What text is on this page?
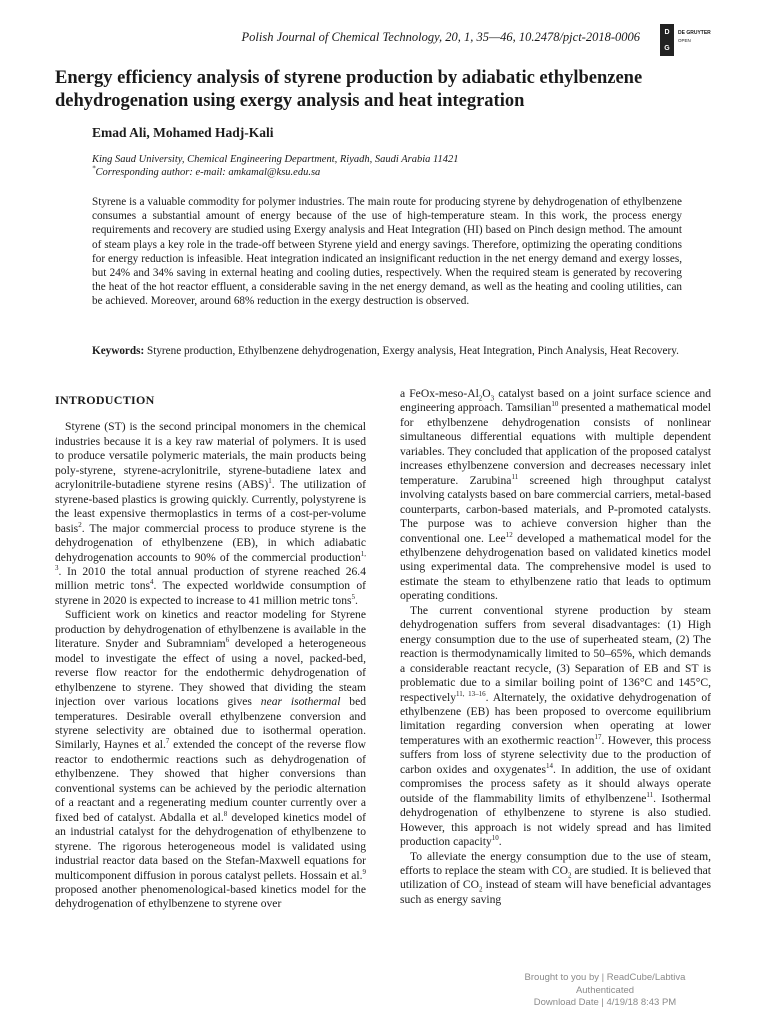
Polish Journal of Chemical Technology, 20, 1, 35—46, 10.2478/pjct-2018-0006	D
G
DE GRUYTER
OPEN
Energy efficiency analysis of styrene production by adiabatic ethylbenzene dehydrogenation using exergy analysis and heat integration
Emad Ali, Mohamed Hadj-Kali
King Saud University, Chemical Engineering Department, Riyadh, Saudi Arabia 11421
*Corresponding author: e-mail: amkamal@ksu.edu.sa

Styrene is a valuable commodity for polymer industries. The main route for producing styrene by dehydrogenation of ethylbenzene consumes a substantial amount of energy because of the use of high-temperature steam. In this work, the process energy requirements and recovery are studied using Exergy analysis and Heat Integration (HI) based on Pinch design method. The amount of steam plays a key role in the trade-off between Styrene yield and energy savings. Therefore, optimizing the operating conditions for energy reduction is infeasible. Heat integration indicated an insignificant reduction in the net energy demand and exergy losses, but 24% and 34% saving in external heating and cooling duties, respectively. When the required steam is generated by recovering the heat of the hot reactor effluent, a considerable saving in the net energy demand, as well as the heating and cooling utilities, can be achieved. Moreover, around 68% reduction in the exergy destruction is observed.

Keywords: Styrene production, Ethylbenzene dehydrogenation, Exergy analysis, Heat Integration, Pinch Analysis, Heat Recovery.

INTRODUCTION

Styrene (ST) is the second principal monomers in the chemical industries because it is a key raw material of polymers. It is used to produce versatile polymeric materials, the main products being poly-styrene, styrene-acrylonitrile, styrene-butadiene latex and acrylonitrile-butadiene styrene resins (ABS)$^1$. The utilization of styrene-based plastics is growing quickly. Currently, polystyrene is the least expensive thermoplastics in terms of a cost-per-volume basis$^2$. The major commercial process to produce styrene is the dehydrogenation of ethylbenzene (EB), in which adiabatic dehydrogenation accounts to 90% of the commercial production$^{1, 3}$. In 2010 the total annual production of styrene reached 26.4 million metric tons$^4$. The expected worldwide consumption of styrene in 2020 is expected to increase to 41 million metric tons$^5$.

Sufficient work on kinetics and reactor modeling for Styrene production by dehydrogenation of ethylbenzene is available in the literature. Snyder and Subramniam$^6$ developed a heterogeneous model to investigate the effect of using a novel, packed-bed, reverse flow reactor for the endothermic dehydrogenation of ethylbenzene to styrene. They showed that dividing the steam injection over various locations gives near isothermal bed temperatures. Desirable overall ethylbenzene conversion and styrene selectivity are obtained due to isothermal operation. Similarly, Haynes et al.$^7$ extended the concept of the reverse flow reactor to endothermic reactions such as dehydrogenation of ethylbenzene. They showed that higher conversions than conventional systems can be achieved by the periodic alternation of a reactant and a regenerating medium counter currently over a fixed bed of catalyst. Abdalla et al.$^8$ developed kinetics model of an industrial catalyst for the dehydrogenation of ethylbenzene to styrene. The rigorous heterogeneous model is validated using industrial reactor data based on the Stefan-Maxwell equations for multicomponent diffusion in porous catalyst pellets. Hossain et al.$^9$ proposed another phenomenological-based kinetics model for the dehydrogenation of ethylbenzene to styrene over

a FeOx-$meso-Al_2O_3$ catalyst based on a joint surface science and engineering approach. Tamsilian$^{10}$ presented a mathematical model for ethylbenzene dehydrogenation consists of nonlinear simultaneous differential equations with multiple dependent variables. They concluded that application of the proposed catalyst increases ethylbenzene conversion and decreases necessary inlet temperature. Zarubina$^{11}$ screened high throughput catalyst involving catalysts based on bare commercial carriers, metal-based counterparts, carbon-based materials, and P-promoted catalysts. The purpose was to achieve conversion higher than the conventional one. Lee$^{12}$ developed a mathematical model for the ethylbenzene dehydrogenation based on validated kinetics model using experimental data. The comprehensive model is used to estimate the steam to ethylbenzene ratio that leads to optimum operating conditions.

The current conventional styrene production by steam dehydrogenation suffers from several disadvantages: (1) High energy consumption due to the use of superheated steam, (2) The reaction is thermodynamically limited to 50–65%, which demands a considerable reactant recycle, (3) Separation of EB and ST is problematic due to a similar boiling point of 136°C and 145°C, respectively$^{11, 13-16}$. Alternately, the oxidative dehydrogenation of ethylbenzene (EB) has been proposed to overcome equilibrium limitation regarding conversion when operating at lower temperatures with an exothermic reaction$^{17}$. However, this process suffers from loss of styrene selectivity due to the production of carbon oxides and oxygenates$^{14}$. In addition, the use of oxidant compromises the process safety as it should always operate outside of the flammability limits of ethylbenzene$^{11}$. Isothermal dehydrogenation of ethylbenzene to styrene is also studied. However, this approach is not widely spread and has limited production capacity$^{10}$.

To alleviate the energy consumption due to the use of steam, efforts to replace the steam with $CO_2$ are studied. It is believed that utilization of $CO_2$ instead of steam will have beneficial advantages such as energy saving

Brought to you by | ReadCube/Labtiva
Authenticated
Download Date | 4/19/18 8:43 PM
